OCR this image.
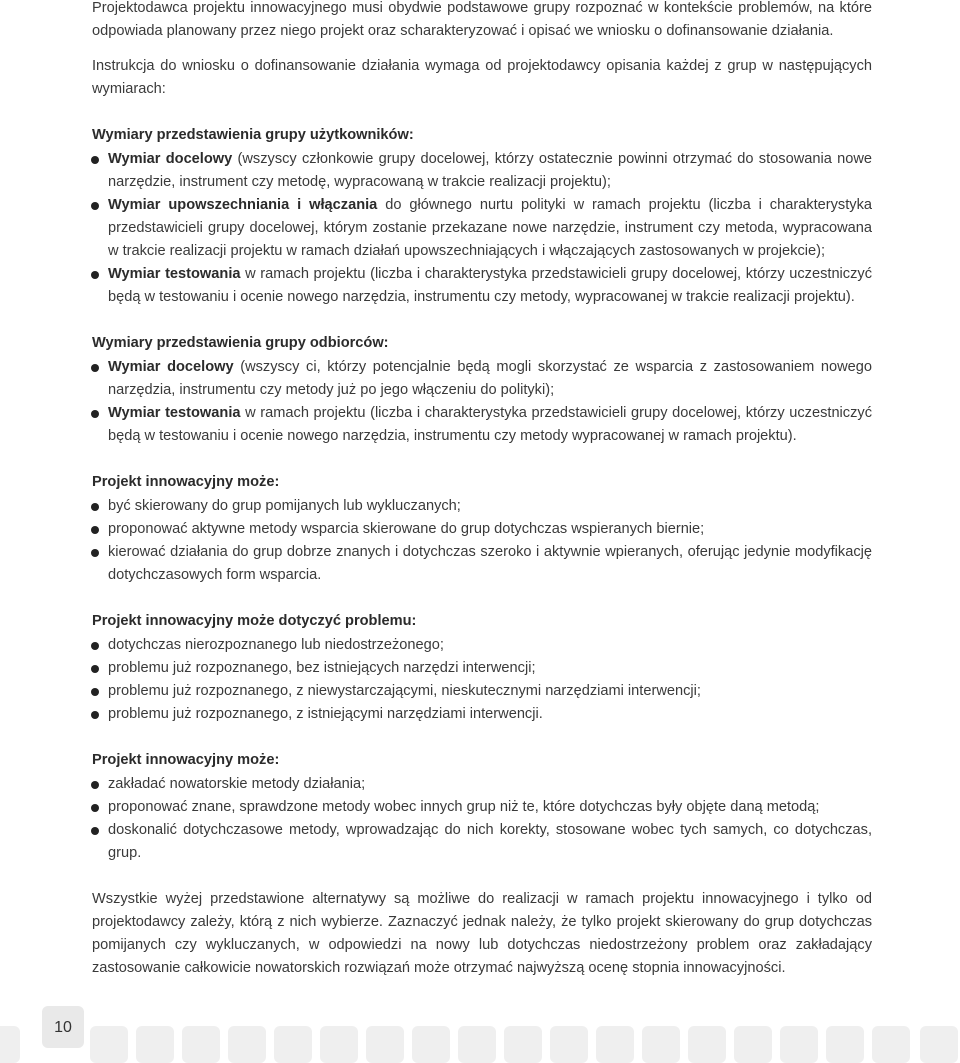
Projektodawca projektu innowacyjnego musi obydwie podstawowe grupy rozpoznać w kontekście problemów, na które odpowiada planowany przez niego projekt oraz scharakteryzować i opisać we wniosku o dofinansowanie działania.

Instrukcja do wniosku o dofinansowanie działania wymaga od projektodawcy opisania każdej z grup w następujących wymiarach:

Wymiary przedstawienia grupy użytkowników:
Wymiar docelowy (wszyscy członkowie grupy docelowej, którzy ostatecznie powinni otrzymać do stosowania nowe narzędzie, instrument czy metodę, wypracowaną w trakcie realizacji projektu);
Wymiar upowszechniania i włączania do głównego nurtu polityki w ramach projektu (liczba i charakterystyka przedstawicieli grupy docelowej, którym zostanie przekazane nowe narzędzie, instrument czy metoda, wypracowana w trakcie realizacji projektu w ramach działań upowszechniających i włączających zastosowanych w projekcie);
Wymiar testowania w ramach projektu (liczba i charakterystyka przedstawicieli grupy docelowej, którzy uczestniczyć będą w testowaniu i ocenie nowego narzędzia, instrumentu czy metody, wypracowanej w trakcie realizacji projektu).
Wymiary przedstawienia grupy odbiorców:
Wymiar docelowy (wszyscy ci, którzy potencjalnie będą mogli skorzystać ze wsparcia z zastosowaniem nowego narzędzia, instrumentu czy metody już po jego włączeniu do polityki);
Wymiar testowania w ramach projektu (liczba i charakterystyka przedstawicieli grupy docelowej, którzy uczestniczyć będą w testowaniu i ocenie nowego narzędzia, instrumentu czy metody wypracowanej w ramach projektu).
Projekt innowacyjny może:
być skierowany do grup pomijanych lub wykluczanych;
proponować aktywne metody wsparcia skierowane do grup dotychczas wspieranych biernie;
kierować działania do grup dobrze znanych i dotychczas szeroko i aktywnie wpieranych, oferując jedynie modyfikację dotychczasowych form wsparcia.
Projekt innowacyjny może dotyczyć problemu:
dotychczas nierozpoznanego lub niedostrzeżonego;
problemu już rozpoznanego, bez istniejących narzędzi interwencji;
problemu już rozpoznanego, z niewystarczającymi, nieskutecznymi narzędziami interwencji;
problemu już rozpoznanego, z istniejącymi narzędziami interwencji.
Projekt innowacyjny może:
zakładać nowatorskie metody działania;
proponować znane, sprawdzone metody wobec innych grup niż te, które dotychczas były objęte daną metodą;
doskonalić dotychczasowe metody, wprowadzając do nich korekty, stosowane wobec tych samych, co dotychczas, grup.

Wszystkie wyżej przedstawione alternatywy są możliwe do realizacji w ramach projektu innowacyjnego i tylko od projektodawcy zależy, którą z nich wybierze. Zaznaczyć jednak należy, że tylko projekt skierowany do grup dotychczas pomijanych czy wykluczanych, w odpowiedzi na nowy lub dotychczas niedostrzeżony problem oraz zakładający zastosowanie całkowicie nowatorskich rozwiązań może otrzymać najwyższą ocenę stopnia innowacyjności.

10
